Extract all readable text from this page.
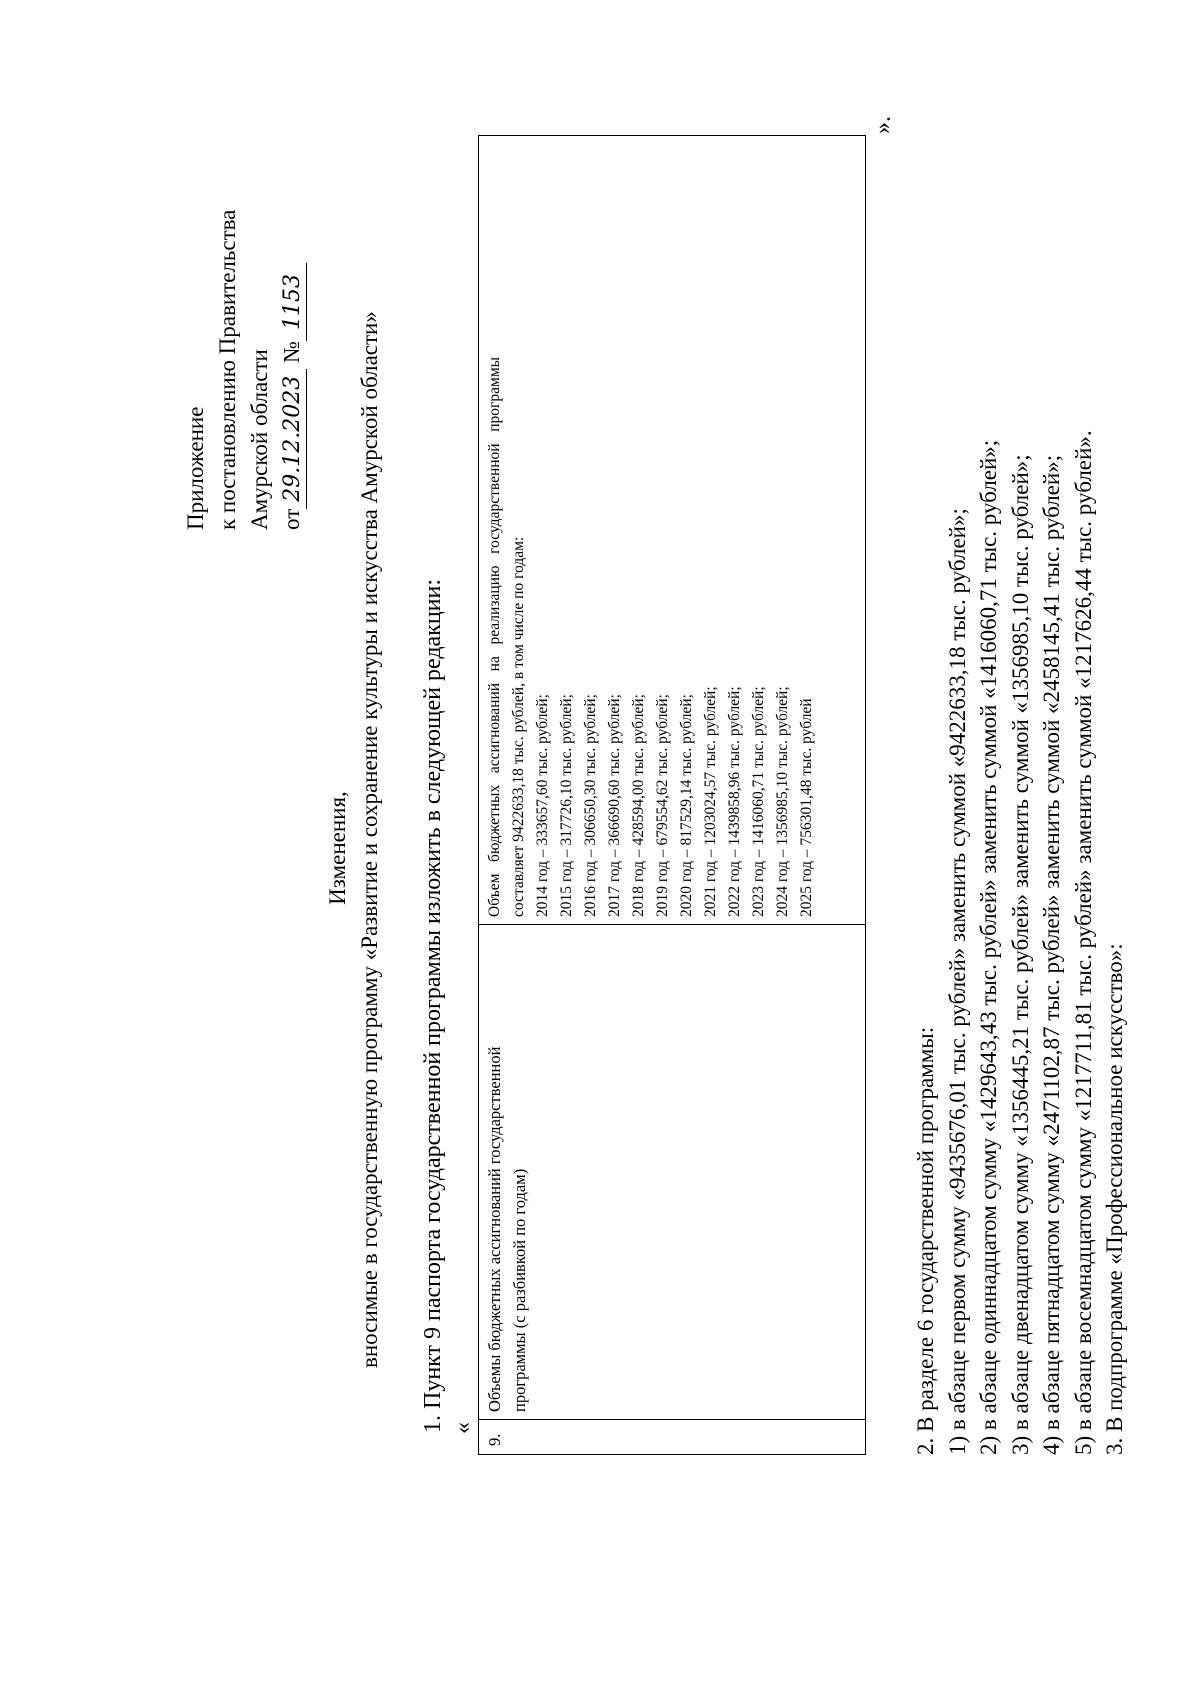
Приложение к постановлению Правительства Амурской области от29.12.2023 №1153
Изменения, вносимые в государственную программу «Развитие и сохранение культуры и искусства Амурской области» 1. Пункт 9 паспорта государственной программы изложить в следующей редакции: «
9.
Объемы бюджетных ассигнований государственной программы (с разбивкой по годам)
Объем   бюджетных   ассигнований   на   реализацию   государственной   программы составляет 9422633,18 тыс. рублей, в том числе по годам: 2014 год – 333657,60 тыс. рублей; 2015 год – 317726,10 тыс. рублей; 2016 год – 306650,30 тыс. рублей; 2017 год – 366690,60 тыс. рублей; 2018 год – 428594,00 тыс. рублей; 2019 год – 679554,62 тыс. рублей; 2020 год – 817529,14 тыс. рублей; 2021 год – 1203024,57 тыс. рублей; 2022 год – 1439858,96 тыс. рублей; 2023 год – 1416060,71 тыс. рублей; 2024 год – 1356985,10 тыс. рублей; 2025 год – 756301,48 тыс. рублей
».
2. В разделе 6 государственной программы: 1) в абзаце первом сумму «9435676,01 тыс. рублей» заменить суммой «9422633,18 тыс. рублей»; 2) в абзаце одиннадцатом сумму «1429643,43 тыс. рублей» заменить суммой «1416060,71 тыс. рублей»; 3) в абзаце двенадцатом сумму «1356445,21 тыс. рублей» заменить суммой «1356985,10 тыс. рублей»; 4) в абзаце пятнадцатом сумму «2471102,87 тыс. рублей» заменить суммой «2458145,41 тыс. рублей»; 5) в абзаце восемнадцатом сумму «1217711,81 тыс. рублей» заменить суммой «1217626,44 тыс. рублей». 3. В подпрограмме «Профессиональное искусство»:
